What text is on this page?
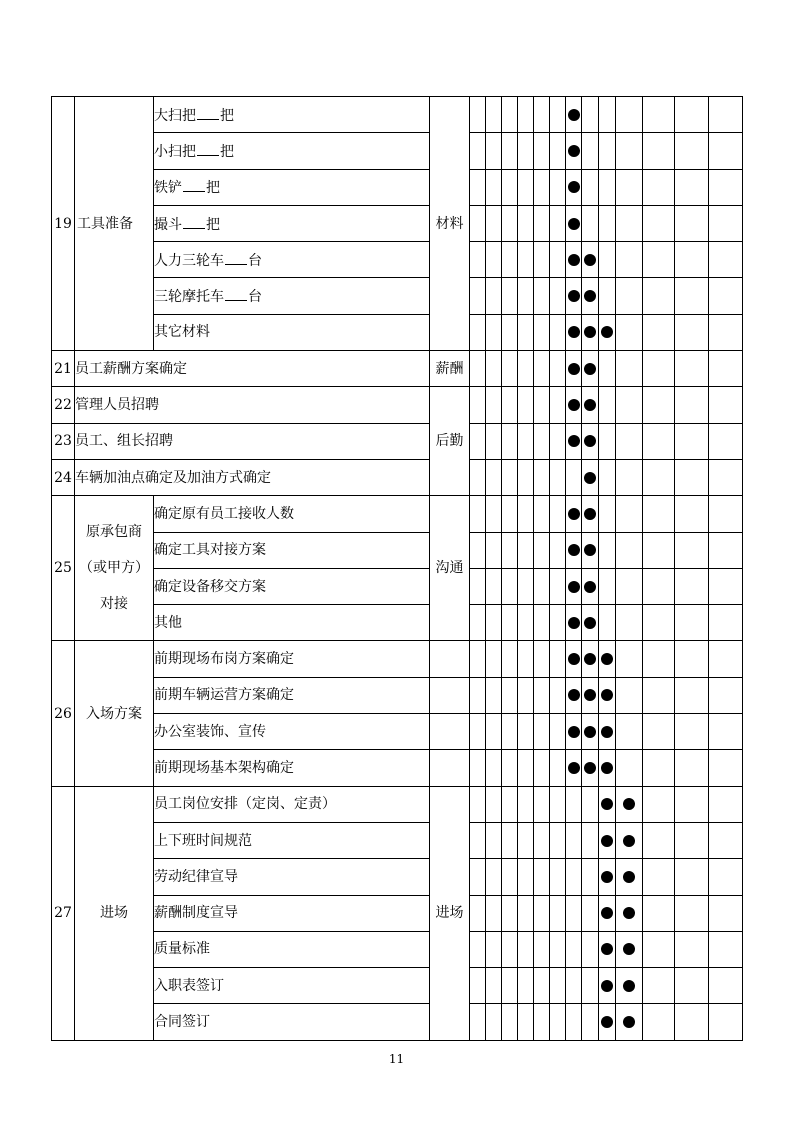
19	工具准备	大扫把 把	材料													
		小扫把 把														
		铁铲 把														
		撮斗 把														
		人力三轮车 台														
		三轮摩托车 台														
		其它材料														
21	员工薪酬方案确定		薪酬													
22	管理人员招聘		后勤													
23	员工、组长招聘															
24	车辆加油点确定及加油方式确定															
25	原承包商
（或甲方）
对接	确定原有员工接收人数	沟通													
		确定工具对接方案														
		确定设备移交方案														
		其他														
26	入场方案	前期现场布岗方案确定														
		前期车辆运营方案确定														
		办公室装饰、宣传														
		前期现场基本架构确定														
27	进场	员工岗位安排（定岗、定责）	进场													
		上下班时间规范														
		劳动纪律宣导														
		薪酬制度宣导														
		质量标准														
		入职表签订														
		合同签订														
11
